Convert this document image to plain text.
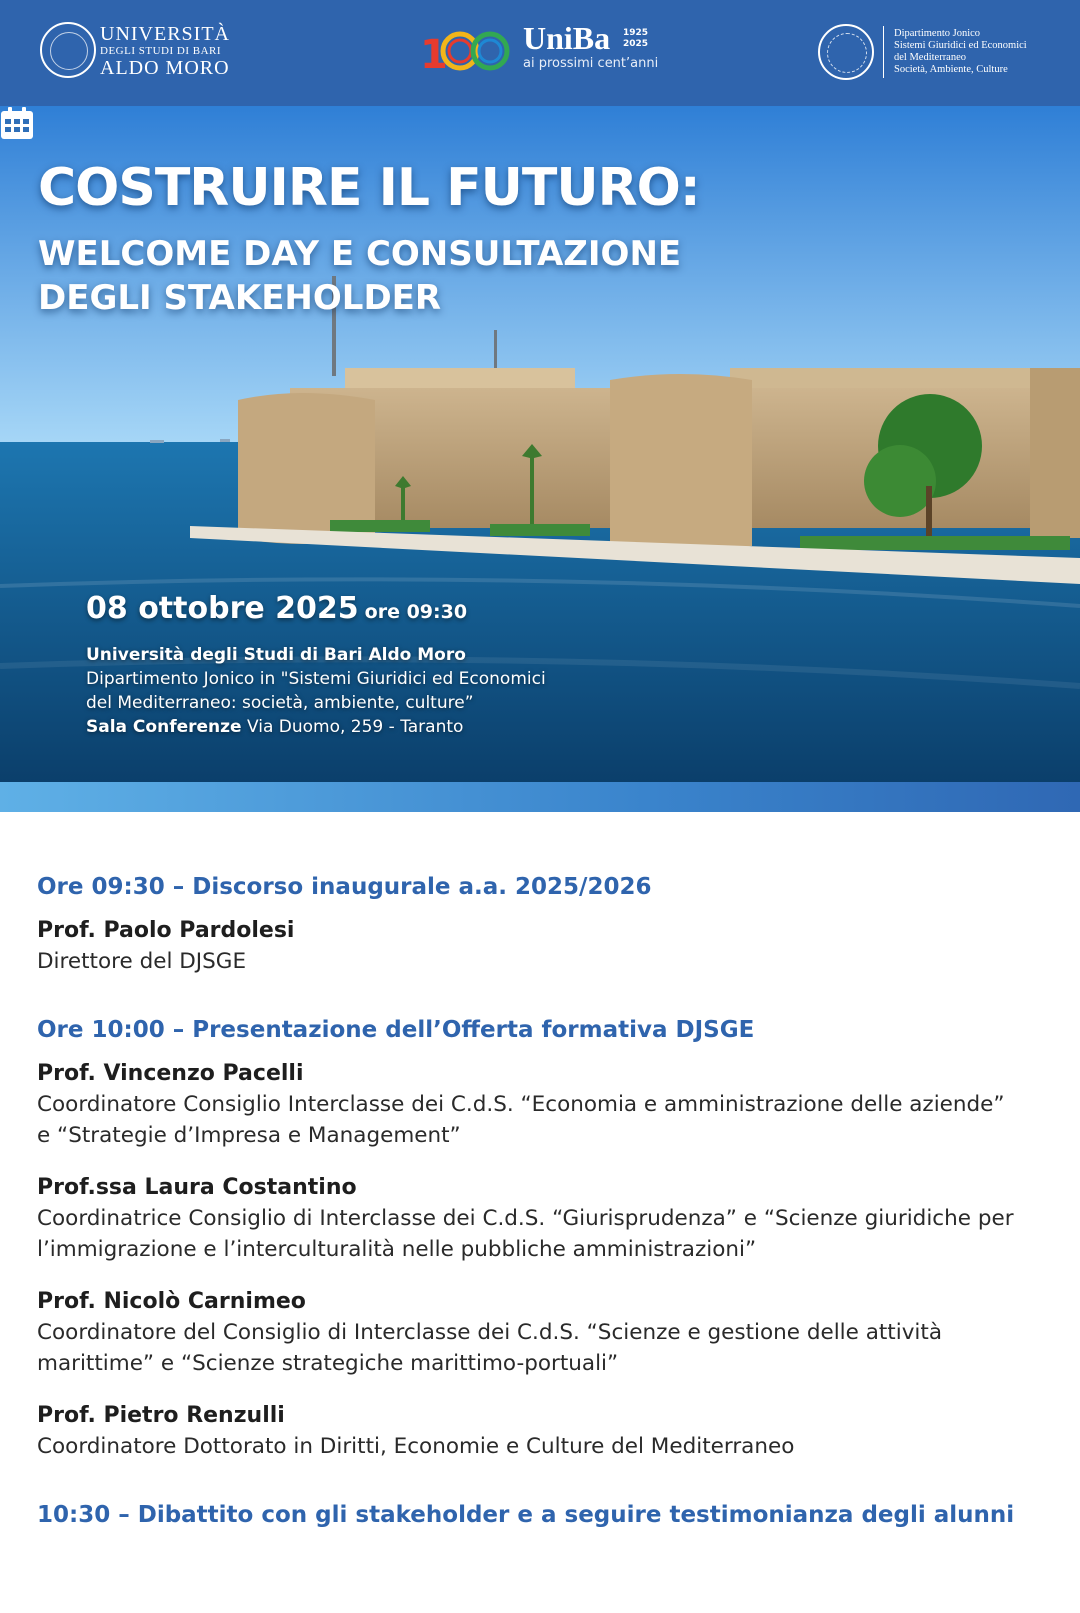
UNIVERSITÀ
DEGLI STUDI DI BARI
ALDO MORO	1 UniBa	1925
2025
ai prossimi cent’anni
Dipartimento Jonico
Sistemi Giuridici ed Economici
del Mediterraneo
Società, Ambiente, Culture
COSTRUIRE IL FUTURO:
WELCOME DAY E CONSULTAZIONE
DEGLI STAKEHOLDER
08 ottobre 2025 ore 09:30
Università degli Studi di Bari Aldo Moro
Dipartimento Jonico in "Sistemi Giuridici ed Economici
del Mediterraneo: società, ambiente, culture”
Sala Conferenze Via Duomo, 259 - Taranto

Ore 09:30 – Discorso inaugurale a.a. 2025/2026

Prof. Paolo Pardolesi
Direttore del DJSGE

Ore 10:00 – Presentazione dell’Offerta formativa DJSGE

Prof. Vincenzo Pacelli
Coordinatore Consiglio Interclasse dei C.d.S. “Economia e amministrazione delle aziende”
e “Strategie d’Impresa e Management”
Prof.ssa Laura Costantino
Coordinatrice Consiglio di Interclasse dei C.d.S. “Giurisprudenza” e “Scienze giuridiche per
l’immigrazione e l’interculturalità nelle pubbliche amministrazioni”
Prof. Nicolò Carnimeo
Coordinatore del Consiglio di Interclasse dei C.d.S. “Scienze e gestione delle attività
marittime” e “Scienze strategiche marittimo-portuali”
Prof. Pietro Renzulli
Coordinatore Dottorato in Diritti, Economie e Culture del Mediterraneo

10:30 – Dibattito con gli stakeholder e a seguire testimonianza degli alunni
